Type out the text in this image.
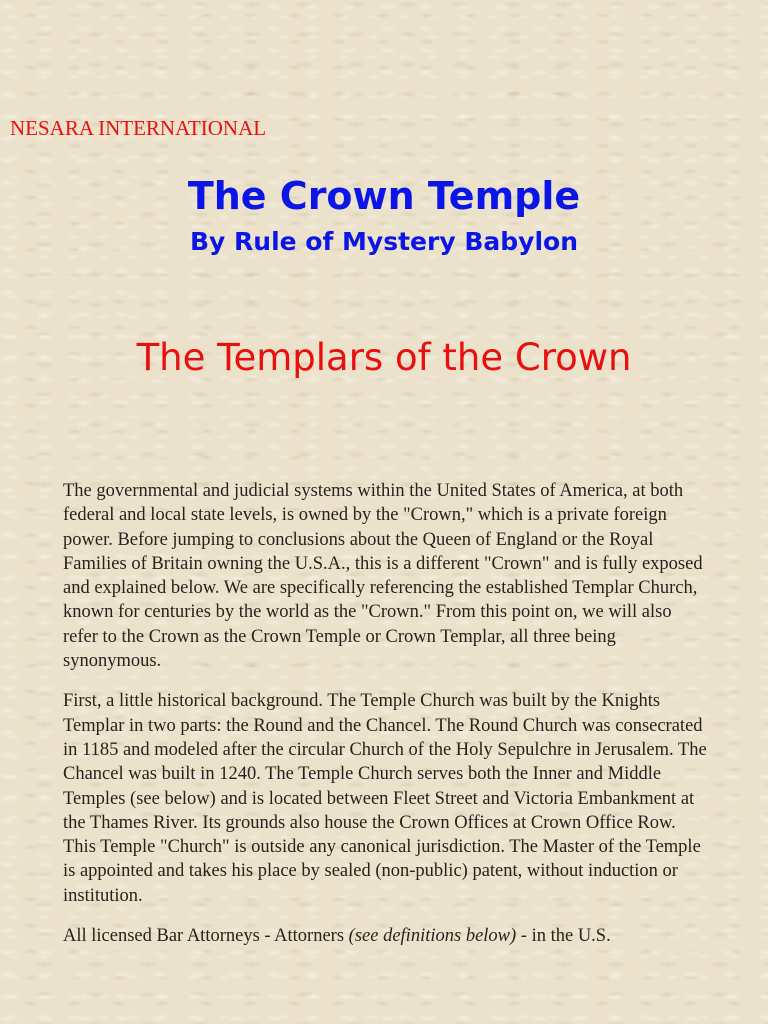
NESARA INTERNATIONAL
The Crown Temple
By Rule of Mystery Babylon
The Templars of the Crown

The governmental and judicial systems within the United States of America, at both federal and local state levels, is owned by the "Crown," which is a private foreign power. Before jumping to conclusions about the Queen of England or the Royal Families of Britain owning the U.S.A., this is a different "Crown" and is fully exposed and explained below. We are specifically referencing the established Templar Church, known for centuries by the world as the "Crown." From this point on, we will also refer to the Crown as the Crown Temple or Crown Templar, all three being synonymous.

First, a little historical background. The Temple Church was built by the Knights Templar in two parts: the Round and the Chancel. The Round Church was consecrated in 1185 and modeled after the circular Church of the Holy Sepulchre in Jerusalem. The Chancel was built in 1240. The Temple Church serves both the Inner and Middle Temples (see below) and is located between Fleet Street and Victoria Embankment at the Thames River. Its grounds also house the Crown Offices at Crown Office Row. This Temple "Church" is outside any canonical jurisdiction. The Master of the Temple is appointed and takes his place by sealed (non-public) patent, without induction or institution.

All licensed Bar Attorneys - Attorners (see definitions below) - in the U.S.
